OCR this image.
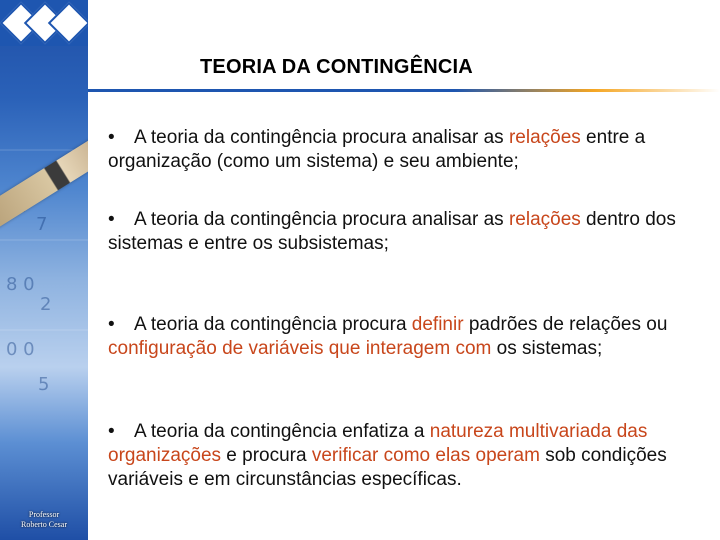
7
8 0
2
0 0
5
Professor
Roberto Cesar
TEORIA DA CONTINGÊNCIA
• A teoria da contingência procura analisar as relações entre a organização (como um sistema) e seu ambiente;
• A teoria da contingência procura analisar as relações dentro dos sistemas e entre os subsistemas;
• A teoria da contingência procura definir padrões de relações ou configuração de variáveis que interagem com os sistemas;
• A teoria da contingência enfatiza a natureza multivariada das organizações e procura verificar como elas operam sob condições variáveis e em circunstâncias específicas.
